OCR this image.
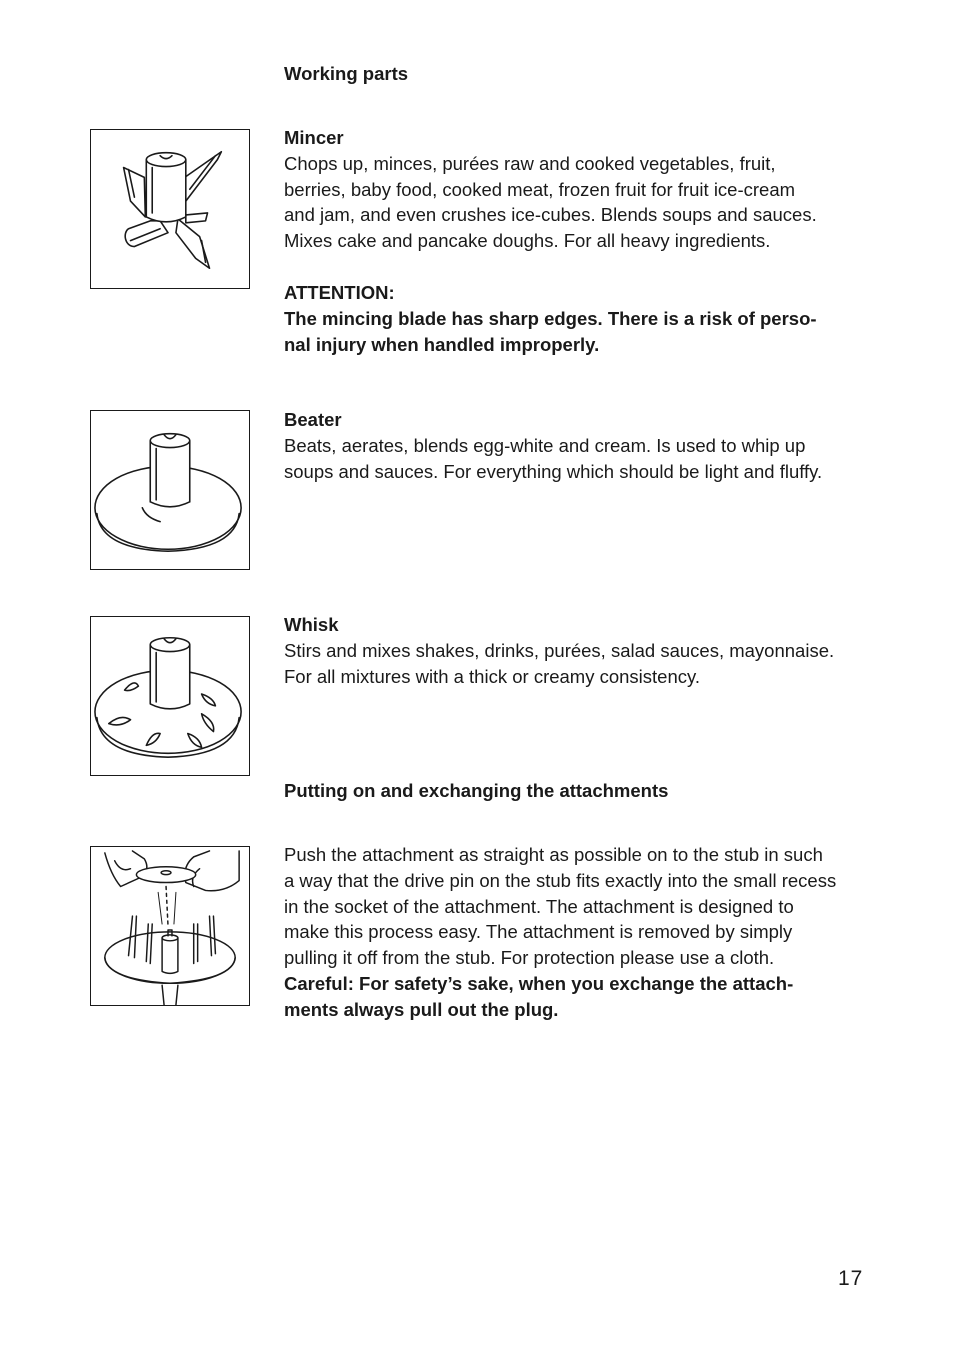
Working parts
Mincer
Chops up, minces, purées raw and cooked vegetables, fruit,
berries, baby food, cooked meat, frozen fruit for fruit ice-cream
and jam, and even crushes ice-cubes. Blends soups and sauces.
Mixes cake and pancake doughs. For all heavy ingredients.
ATTENTION:
The mincing blade has sharp edges. There is a risk of perso-
nal injury when handled improperly.
Beater
Beats, aerates, blends egg-white and cream. Is used to whip up
soups and sauces. For everything which should be light and fluffy.
Whisk
Stirs and mixes shakes, drinks, purées, salad sauces, mayonnaise.
For all mixtures with a thick or creamy consistency.
Putting on and exchanging the attachments
Push the attachment as straight as possible on to the stub in such
a way that the drive pin on the stub fits exactly into the small recess
in the socket of the attachment. The attachment is designed to
make this process easy. The attachment is removed by simply
pulling it off from the stub. For protection please use a cloth.
Careful: For safety’s sake, when you exchange the attach-
ments always pull out the plug.
17
